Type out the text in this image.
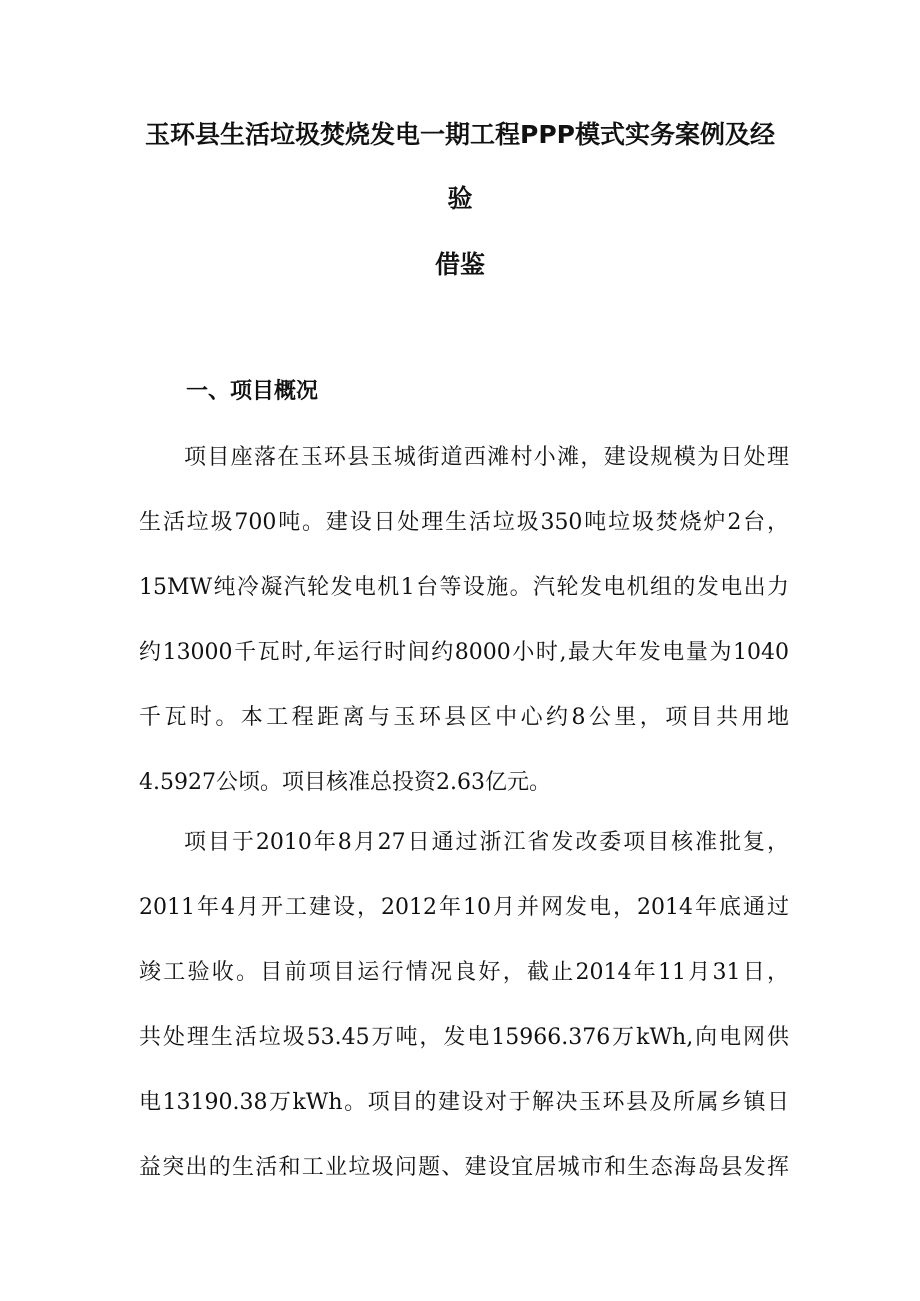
玉环县生活垃圾焚烧发电一期工程PPP模式实务案例及经
验
借鉴
一、项目概况
项目座落在玉环县玉城街道西滩村小滩，建设规模为日处理
生活垃圾700吨。建设日处理生活垃圾350吨垃圾焚烧炉2台，
15MW纯冷凝汽轮发电机1台等设施。汽轮发电机组的发电出力
约13000千瓦时,年运行时间约8000小时,最大年发电量为1040
千瓦时。本工程距离与玉环县区中心约8公里，项目共用地
4.5927公顷。项目核准总投资2.63亿元。
项目于2010年8月27日通过浙江省发改委项目核准批复，
2011年4月开工建设，2012年10月并网发电，2014年底通过
竣工验收。目前项目运行情况良好，截止2014年11月31日，
共处理生活垃圾53.45万吨，发电15966.376万kWh,向电网供
电13190.38万kWh。项目的建设对于解决玉环县及所属乡镇日
益突出的生活和工业垃圾问题、建设宜居城市和生态海岛县发挥
